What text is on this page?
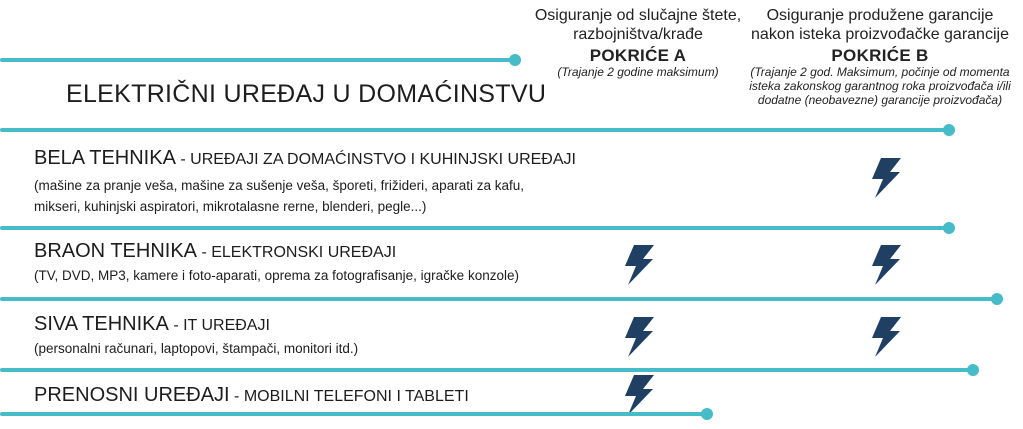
Osiguranje od slučajne štete,
razbojništva/krađe
POKRIĆE A
(Trajanje 2 godine maksimum)
Osiguranje produžene garancije
nakon isteka proizvođačke garancije
POKRIĆE B
(Trajanje 2 god. Maksimum, počinje od momenta
isteka zakonskog garantnog roka proizvođača i/ili
dodatne (neobavezne) garancije proizvođača)
ELEKTRIČNI UREĐAJ U DOMAĆINSTVU
BELA TEHNIKA - UREĐAJI ZA DOMAĆINSTVO I KUHINJSKI UREĐAJI
(mašine za pranje veša, mašine za sušenje veša, šporeti, frižideri, aparati za kafu,
mikseri, kuhinjski aspiratori, mikrotalasne rerne, blenderi, pegle...)
BRAON TEHNIKA - ELEKTRONSKI UREĐAJI
(TV, DVD, MP3, kamere i foto-aparati, oprema za fotografisanje, igračke konzole)
SIVA TEHNIKA - IT UREĐAJI
(personalni računari, laptopovi, štampači, monitori itd.)
PRENOSNI UREĐAJI - MOBILNI TELEFONI I TABLETI
